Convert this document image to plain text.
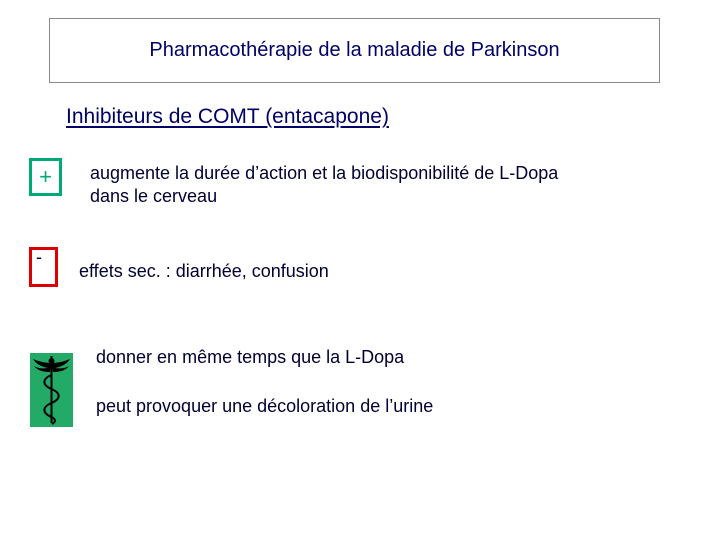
Pharmacothérapie de la maladie de Parkinson
Inhibiteurs de COMT (entacapone)
+ augmente la durée d’action et la biodisponibilité de L-Dopa
dans le cerveau
-
effets sec. : diarrhée, confusion
donner en même temps que la L-Dopa
peut provoquer une décoloration de l’urine
